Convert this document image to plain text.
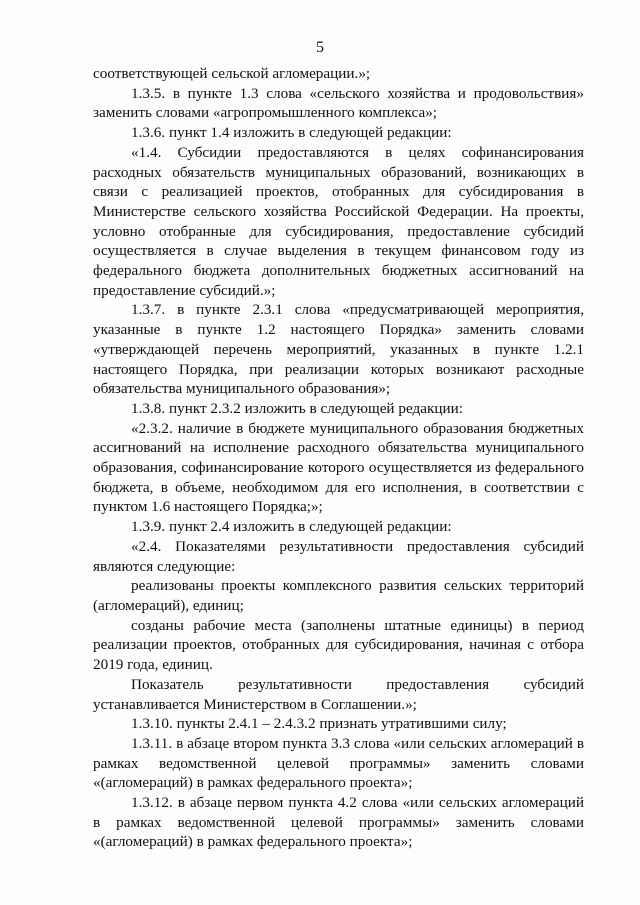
5

соответствующей сельской агломерации.»;

1.3.5. в пункте 1.3 слова «сельского хозяйства и продовольствия» заменить словами «агропромышленного комплекса»;

1.3.6. пункт 1.4 изложить в следующей редакции:

«1.4. Субсидии предоставляются в целях софинансирования расходных обязательств муниципальных образований, возникающих в связи с реализацией проектов, отобранных для субсидирования в Министерстве сельского хозяйства Российской Федерации. На проекты, условно отобранные для субсидирования, предоставление субсидий осуществляется в случае выделения в текущем финансовом году из федерального бюджета дополнительных бюджетных ассигнований на предоставление субсидий.»;

1.3.7. в пункте 2.3.1 слова «предусматривающей мероприятия, указанные в пункте 1.2 настоящего Порядка» заменить словами «утверждающей перечень мероприятий, указанных в пункте 1.2.1 настоящего Порядка, при реализации которых возникают расходные обязательства муниципального образования»;

1.3.8. пункт 2.3.2 изложить в следующей редакции:

«2.3.2. наличие в бюджете муниципального образования бюджетных ассигнований на исполнение расходного обязательства муниципального образования, софинансирование которого осуществляется из федерального бюджета, в объеме, необходимом для его исполнения, в соответствии с пунктом 1.6 настоящего Порядка;»;

1.3.9. пункт 2.4 изложить в следующей редакции:

«2.4. Показателями результативности предоставления субсидий являются следующие:

реализованы проекты комплексного развития сельских территорий (агломераций), единиц;

созданы рабочие места (заполнены штатные единицы) в период реализации проектов, отобранных для субсидирования, начиная с отбора 2019 года, единиц.

Показатель результативности предоставления субсидий устанавливается Министерством в Соглашении.»;

1.3.10. пункты 2.4.1 – 2.4.3.2 признать утратившими силу;

1.3.11. в абзаце втором пункта 3.3 слова «или сельских агломераций в рамках ведомственной целевой программы» заменить словами «(агломераций) в рамках федерального проекта»;

1.3.12. в абзаце первом пункта 4.2 слова «или сельских агломераций в рамках ведомственной целевой программы» заменить словами «(агломераций) в рамках федерального проекта»;
